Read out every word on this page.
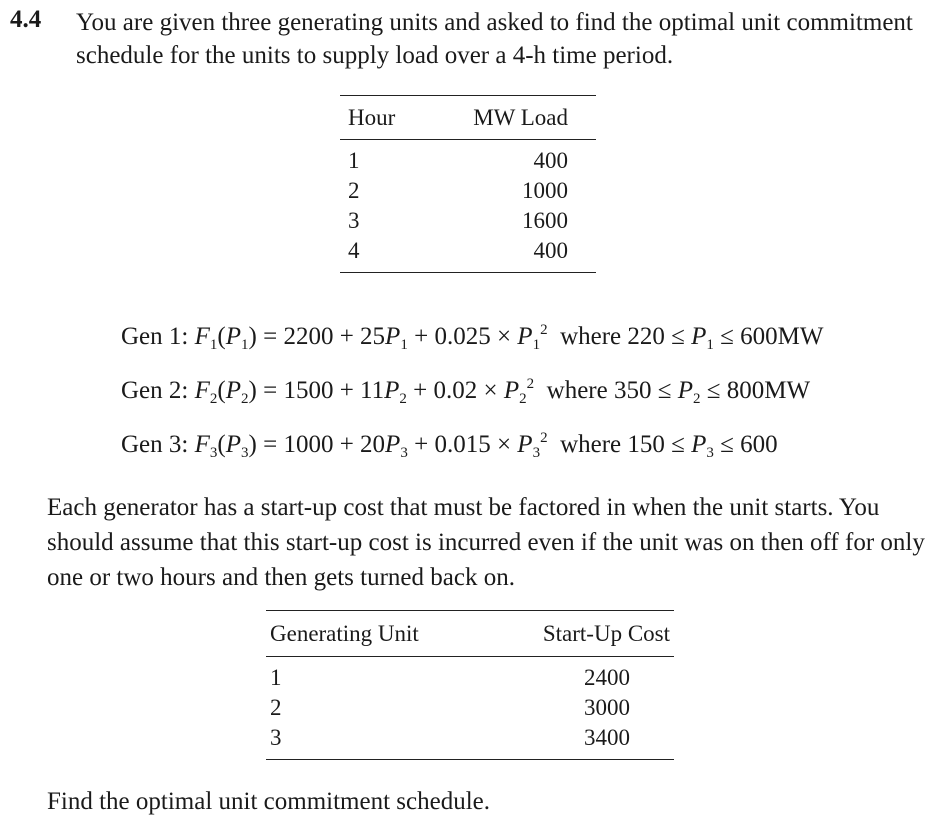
4.4 You are given three generating units and asked to find the optimal unit commitment schedule for the units to supply load over a 4-h time period.
Hour	MW Load
1	400
2	1000
3	1600
4	400
Gen 1: $F_1(P_1) = 2200 + 25P_1 + 0.025 \times P_1^2$ where $220 \le P_1 \le 600MW$
Gen 2: $F_2(P_2) = 1500 + 11P_2 + 0.02 \times P_2^2$ where $350 \le P_2 \le 800MW$
Gen 3: $F_3(P_3) = 1000 + 20P_3 + 0.015 \times P_3^2$ where $150 \le P_3 \le 600$
Each generator has a start-up cost that must be factored in when the unit starts. You should assume that this start-up cost is incurred even if the unit was on then off for only one or two hours and then gets turned back on.
Generating Unit	Start-Up Cost
1	2400
2	3000
3	3400
Find the optimal unit commitment schedule.
